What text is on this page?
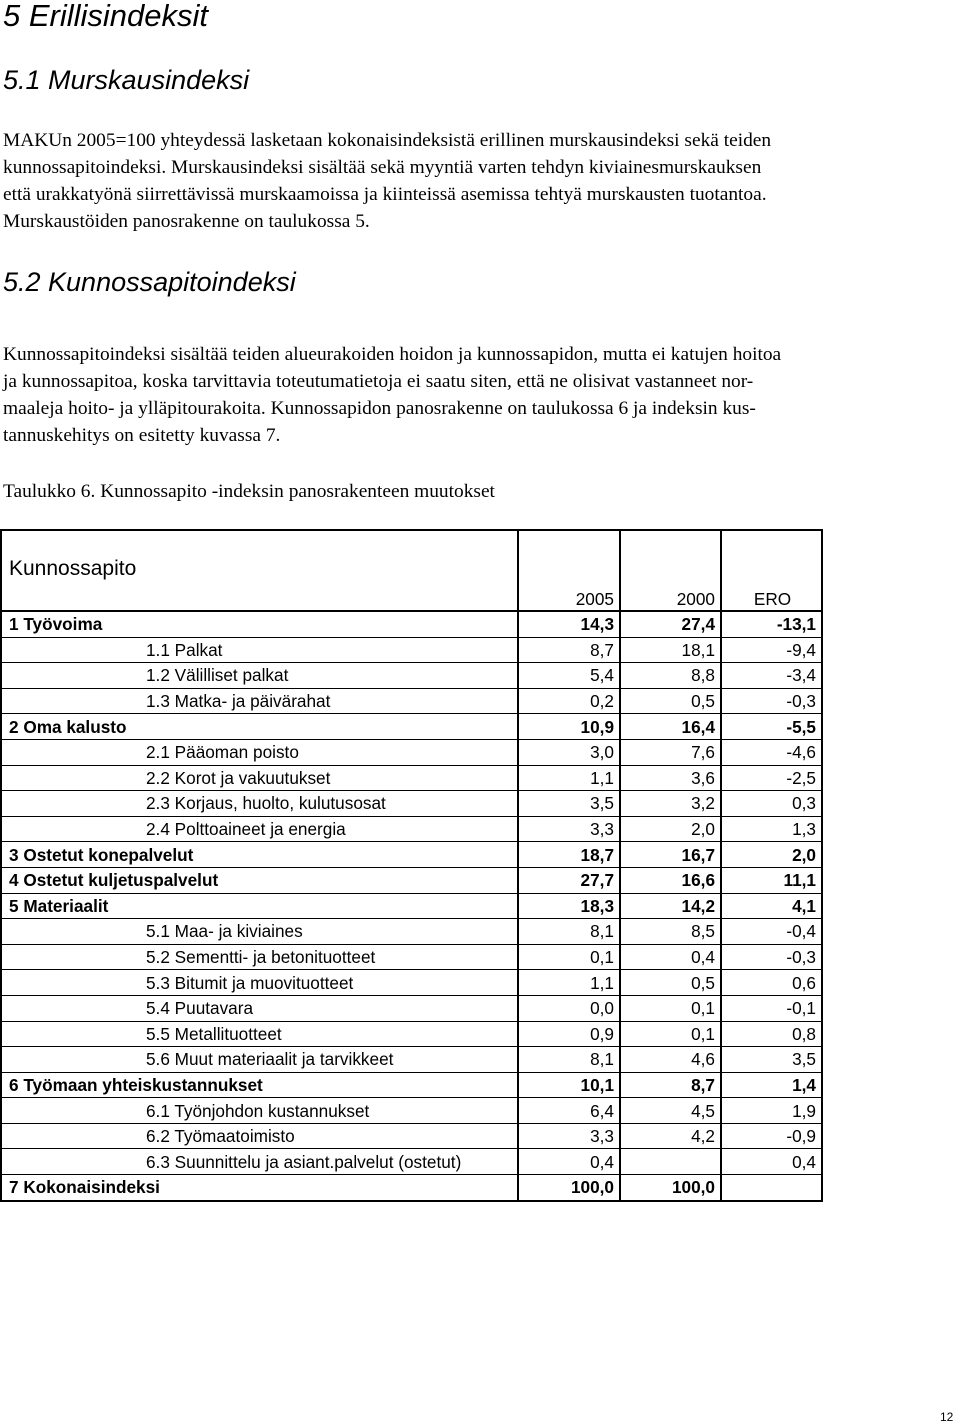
5 Erillisindeksit
5.1 Murskausindeksi

MAKUn 2005=100 yhteydessä lasketaan kokonaisindeksistä erillinen murskausindeksi sekä teiden
kunnossapitoindeksi. Murskausindeksi sisältää sekä myyntiä varten tehdyn kiviainesmurskauksen
että urakkatyönä siirrettävissä murskaamoissa ja kiinteissä asemissa tehtyä murskausten tuotantoa.
Murskaustöiden panosrakenne on taulukossa 5.

5.2 Kunnossapitoindeksi

Kunnossapitoindeksi sisältää teiden alueurakoiden hoidon ja kunnossapidon, mutta ei katujen hoitoa
ja kunnossapitoa, koska tarvittavia toteutumatietoja ei saatu siten, että ne olisivat vastanneet nor-
maaleja hoito- ja ylläpitourakoita. Kunnossapidon panosrakenne on taulukossa 6 ja indeksin kus-
tannuskehitys on esitetty kuvassa 7.

Taulukko 6. Kunnossapito -indeksin panosrakenteen muutokset

Kunnossapito			
	2005	2000	ERO
1 Työvoima	14,3	27,4	-13,1
1.1 Palkat	8,7	18,1	-9,4
1.2 Välilliset palkat	5,4	8,8	-3,4
1.3 Matka- ja päivärahat	0,2	0,5	-0,3
2 Oma kalusto	10,9	16,4	-5,5
2.1 Pääoman poisto	3,0	7,6	-4,6
2.2 Korot ja vakuutukset	1,1	3,6	-2,5
2.3 Korjaus, huolto, kulutusosat	3,5	3,2	0,3
2.4 Polttoaineet ja energia	3,3	2,0	1,3
3 Ostetut konepalvelut	18,7	16,7	2,0
4 Ostetut kuljetuspalvelut	27,7	16,6	11,1
5 Materiaalit	18,3	14,2	4,1
5.1 Maa- ja kiviaines	8,1	8,5	-0,4
5.2 Sementti- ja betonituotteet	0,1	0,4	-0,3
5.3 Bitumit ja muovituotteet	1,1	0,5	0,6
5.4 Puutavara	0,0	0,1	-0,1
5.5 Metallituotteet	0,9	0,1	0,8
5.6 Muut materiaalit ja tarvikkeet	8,1	4,6	3,5
6 Työmaan yhteiskustannukset	10,1	8,7	1,4
6.1 Työnjohdon kustannukset	6,4	4,5	1,9
6.2 Työmaatoimisto	3,3	4,2	-0,9
6.3 Suunnittelu ja asiant.palvelut (ostetut)	0,4		0,4
7 Kokonaisindeksi	100,0	100,0	

12
